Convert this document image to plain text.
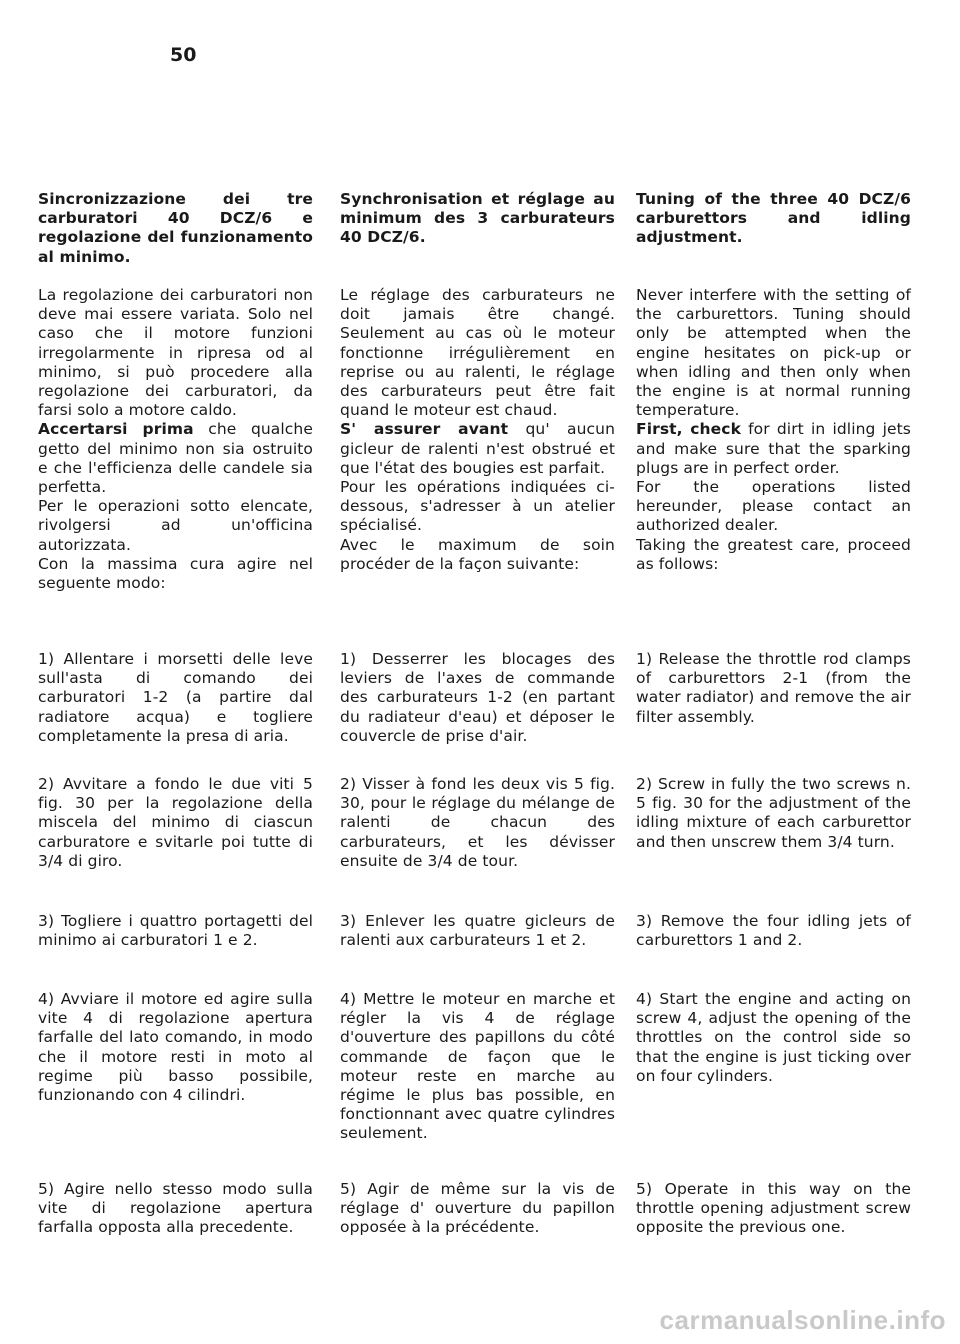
50
Sincronizzazione dei tre carburatori 40 DCZ/6 e regolazione del funzionamento al minimo.

La regolazione dei carburatori non deve mai essere variata. Solo nel caso che il motore funzioni irregolarmente in ripresa od al minimo, si può procedere alla regolazione dei carburatori, da farsi solo a motore caldo.

Accertarsi prima che qualche getto del minimo non sia ostruito e che l'efficienza delle candele sia perfetta.

Per le operazioni sotto elencate, rivolgersi ad un'officina autorizzata.

Con la massima cura agire nel seguente modo:

1) Allentare i morsetti delle leve sull'asta di comando dei carburatori 1-2 (a partire dal radiatore acqua) e togliere completamente la presa di aria.
2) Avvitare a fondo le due viti 5 fig. 30 per la regolazione della miscela del minimo di ciascun carburatore e svitarle poi tutte di 3/4 di giro.
3) Togliere i quattro portagetti del minimo ai carburatori 1 e 2.
4) Avviare il motore ed agire sulla vite 4 di regolazione apertura farfalle del lato comando, in modo che il motore resti in moto al regime più basso possibile, funzionando con 4 cilindri.
5) Agire nello stesso modo sulla vite di regolazione apertura farfalla opposta alla precedente.
Synchronisation et réglage au minimum des 3 carburateurs 40 DCZ/6.

Le réglage des carburateurs ne doit jamais être changé. Seulement au cas où le moteur fonctionne irrégulièrement en reprise ou au ralenti, le réglage des carburateurs peut être fait quand le moteur est chaud.

S' assurer avant qu' aucun gicleur de ralenti n'est obstrué et que l'état des bougies est parfait.

Pour les opérations indiquées ci-dessous, s'adresser à un atelier spécialisé.

Avec le maximum de soin procéder de la façon suivante:

1) Desserrer les blocages des leviers de l'axes de commande des carburateurs 1-2 (en partant du radiateur d'eau) et déposer le couvercle de prise d'air.
2) Visser à fond les deux vis 5 fig. 30, pour le réglage du mélange de ralenti de chacun des carburateurs, et les dévisser ensuite de 3/4 de tour.
3) Enlever les quatre gicleurs de ralenti aux carburateurs 1 et 2.
4) Mettre le moteur en marche et régler la vis 4 de réglage d'ouverture des papillons du côté commande de façon que le moteur reste en marche au régime le plus bas possible, en fonctionnant avec quatre cylindres seulement.
5) Agir de même sur la vis de réglage d' ouverture du papillon opposée à la précédente.
Tuning of the three 40 DCZ/6 carburettors and idling adjustment.

Never interfere with the setting of the carburettors. Tuning should only be attempted when the engine hesitates on pick-up or when idling and then only when the engine is at normal running temperature.

First, check for dirt in idling jets and make sure that the sparking plugs are in perfect order.

For the operations listed hereunder, please contact an authorized dealer.

Taking the greatest care, proceed as follows:

1) Release the throttle rod clamps of carburettors 2-1 (from the water radiator) and remove the air filter assembly.
2) Screw in fully the two screws n. 5 fig. 30 for the adjustment of the idling mixture of each carburettor and then unscrew them 3/4 turn.
3) Remove the four idling jets of carburettors 1 and 2.
4) Start the engine and acting on screw 4, adjust the opening of the throttles on the control side so that the engine is just ticking over on four cylinders.
5) Operate in this way on the throttle opening adjustment screw opposite the previous one.
carmanualsonline.info
